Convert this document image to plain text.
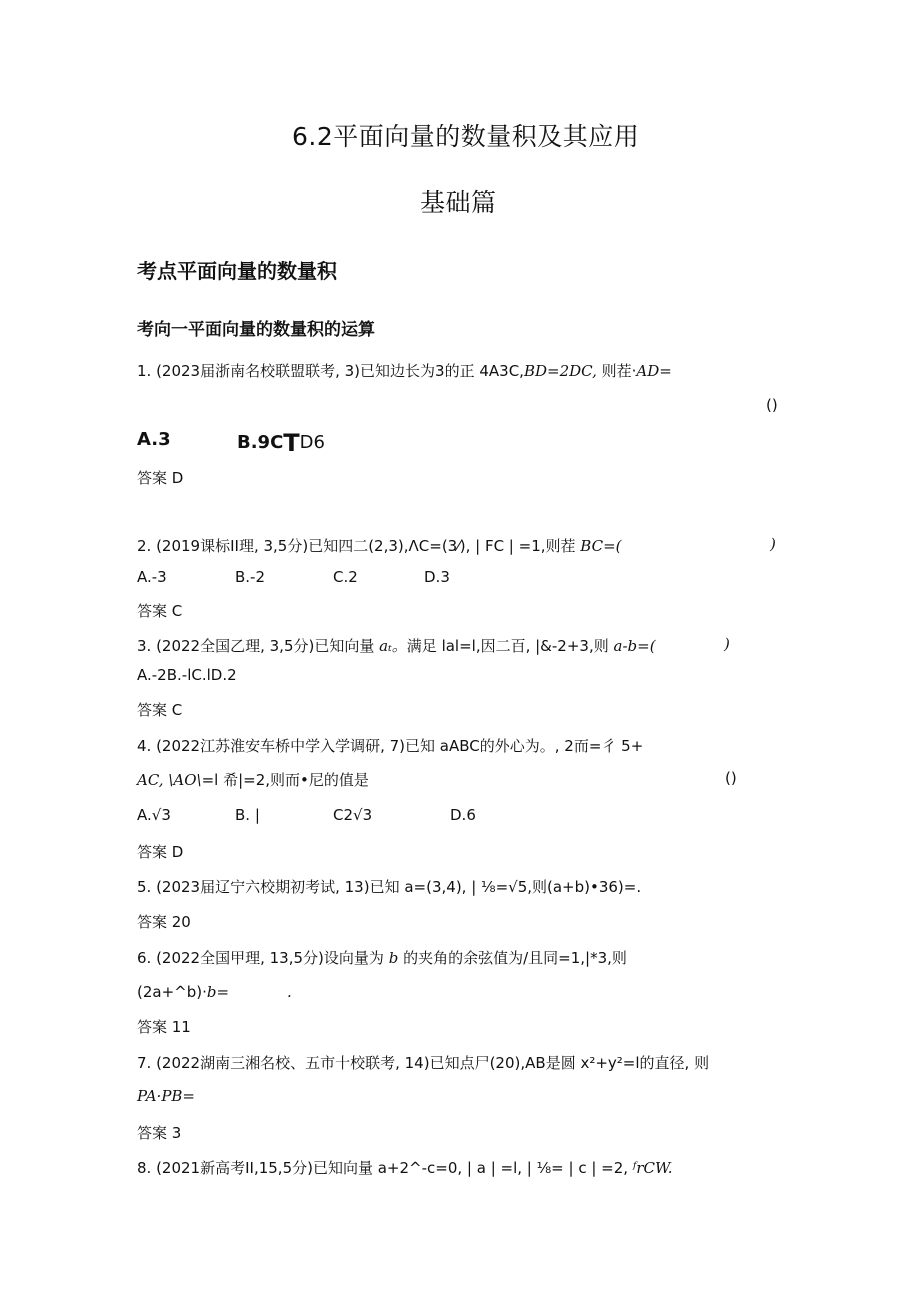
6.2平面向量的数量积及其应用
基础篇
考点平面向量的数量积
考向一平面向量的数量积的运算
1. (2023届浙南名校联盟联考, 3)已知边长为3的正 4A3C,BD=2DC, 则茬·AD=
()
A.3	B.9CTD6
答案 D
2. (2019课标II理, 3,5分)已知四二(2,3),ΛC=(3⁄), | FC | =1,则茬 BC=(	)
A.-3	B.-2	C.2	D.3
答案 C
3. (2022全国乙理, 3,5分)已知向量 aₜ。满足 lal=l,因二百, |&-2+3,则 a-b=(	)
A.-2B.-lC.lD.2
答案 C
4. (2022江苏淮安车桥中学入学调研, 7)已知 aABC的外心为。, 2而=彳 5+
AC, \AO\=l 希|=2,则而•尼的值是	()
A.√3	B. |	C2√3	D.6
答案 D
5. (2023届辽宁六校期初考试, 13)已知 a=(3,4), | ⅛=√5,则(a+b)•36)=.
答案 20
6. (2022全国甲理, 13,5分)设向量为 b 的夹角的余弦值为/且同=1,|*3,则
(2a+^b)·b=	.
答案 11
7. (2022湖南三湘名校、五市十校联考, 14)已知点尸(20),AB是圆 x²+y²=l的直径, 则
PA·PB=
答案 3
8. (2021新高考II,15,5分)已知向量 a+2^-c=0, | a | =l, | ⅛= | c | =2, ᶠrCW.
